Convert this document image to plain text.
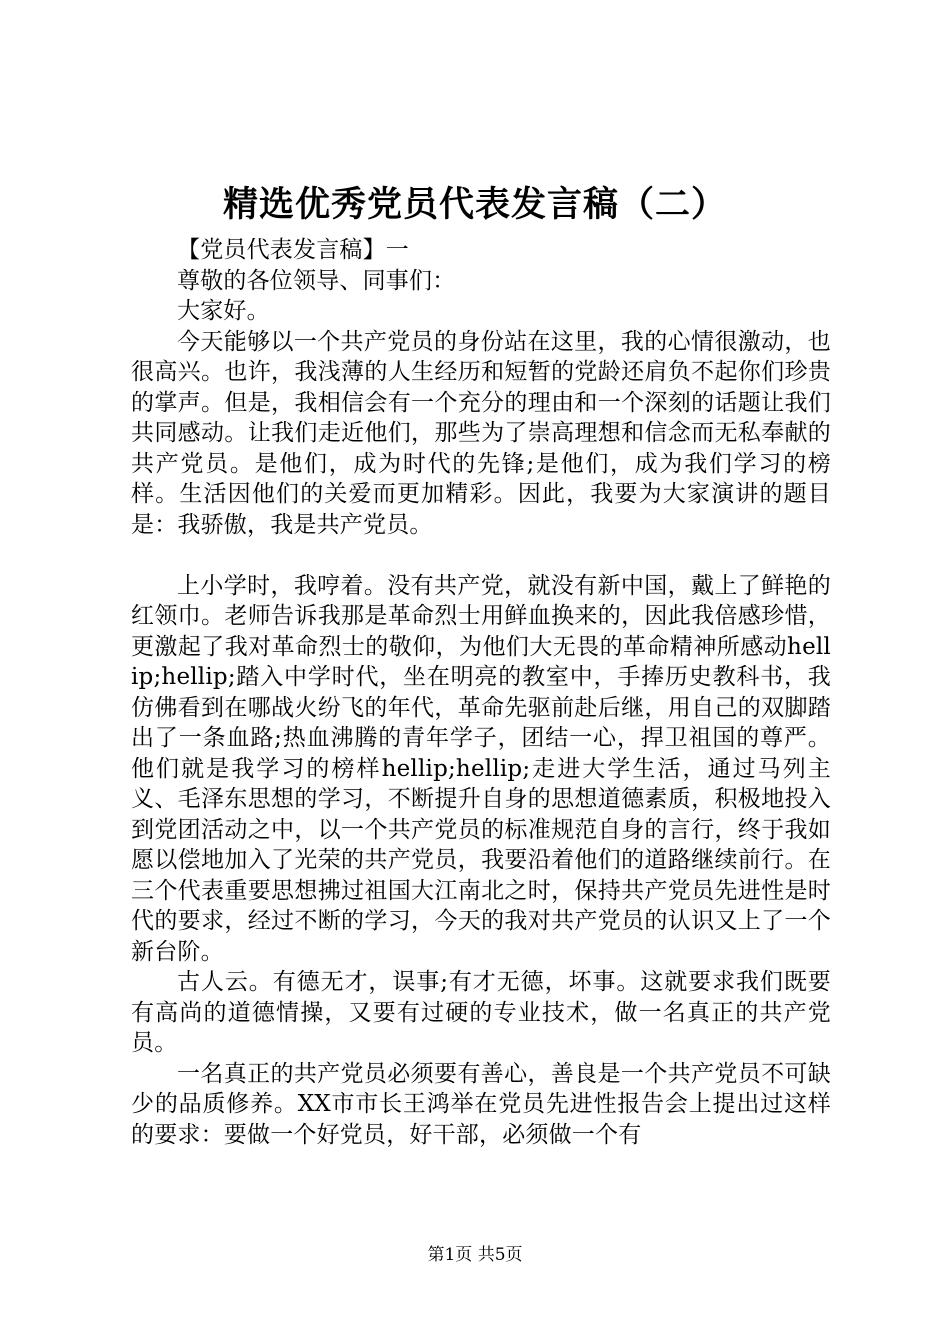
精选优秀党员代表发言稿（二）

【党员代表发言稿】一

尊敬的各位领导、同事们：

大家好。

今天能够以一个共产党员的身份站在这里，我的心情很激动，也很高兴。也许，我浅薄的人生经历和短暂的党龄还肩负不起你们珍贵的掌声。但是，我相信会有一个充分的理由和一个深刻的话题让我们共同感动。让我们走近他们，那些为了崇高理想和信念而无私奉献的共产党员。是他们，成为时代的先锋;是他们，成为我们学习的榜样。生活因他们的关爱而更加精彩。因此，我要为大家演讲的题目是：我骄傲，我是共产党员。

上小学时，我哼着。没有共产党，就没有新中国，戴上了鲜艳的红领巾。老师告诉我那是革命烈士用鲜血换来的，因此我倍感珍惜，更激起了我对革命烈士的敬仰，为他们大无畏的革命精神所感动hellip;hellip;踏入中学时代，坐在明亮的教室中，手捧历史教科书，我仿佛看到在哪战火纷飞的年代，革命先驱前赴后继，用自己的双脚踏出了一条血路;热血沸腾的青年学子，团结一心，捍卫祖国的尊严。他们就是我学习的榜样hellip;hellip;走进大学生活，通过马列主义、毛泽东思想的学习，不断提升自身的思想道德素质，积极地投入到党团活动之中，以一个共产党员的标准规范自身的言行，终于我如愿以偿地加入了光荣的共产党员，我要沿着他们的道路继续前行。在三个代表重要思想拂过祖国大江南北之时，保持共产党员先进性是时代的要求，经过不断的学习，今天的我对共产党员的认识又上了一个新台阶。

古人云。有德无才，误事;有才无德，坏事。这就要求我们既要有高尚的道德情操，又要有过硬的专业技术，做一名真正的共产党员。

一名真正的共产党员必须要有善心，善良是一个共产党员不可缺少的品质修养。XX市市长王鸿举在党员先进性报告会上提出过这样的要求：要做一个好党员，好干部，必须做一个有

第1页 共5页
